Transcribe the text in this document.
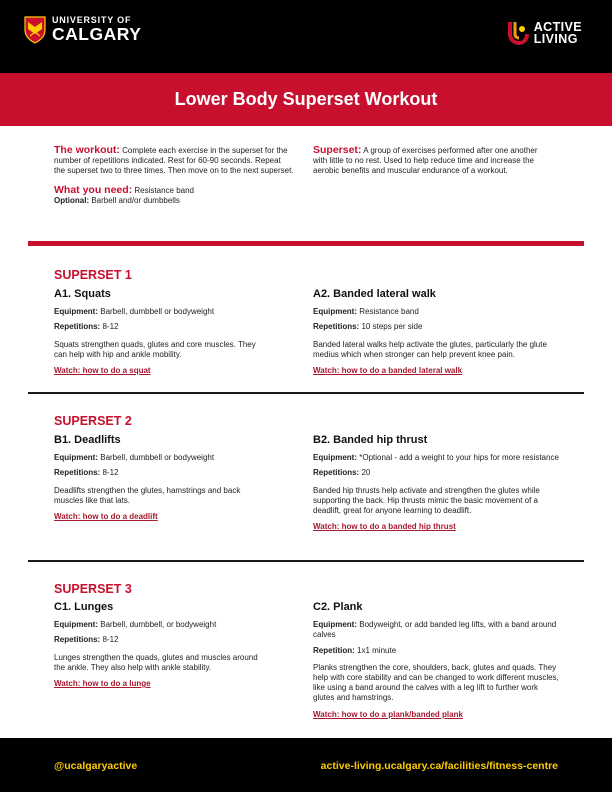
UNIVERSITY OF
CALGARY	ACTIVE
LIVING
Lower Body Superset Workout
The workout: Complete each exercise in the superset for the number of repetitions indicated. Rest for 60-90 seconds. Repeat the superset two to three times. Then move on to the next superset.
What you need: Resistance band
Optional: Barbell and/or dumbbells
Superset: A group of exercises performed after one another with little to no rest. Used to help reduce time and increase the aerobic benefits and muscular endurance of a workout.
SUPERSET 1
A1. Squats
Equipment: Barbell, dumbbell or bodyweight
Repetitions: 8-12
Squats strengthen quads, glutes and core muscles. They can help with hip and ankle mobility.
Watch: how to do a squat
A2. Banded lateral walk
Equipment: Resistance band
Repetitions: 10 steps per side
Banded lateral walks help activate the glutes, particularly the glute medius which when stronger can help prevent knee pain.
Watch: how to do a banded lateral walk
SUPERSET 2
B1. Deadlifts
Equipment: Barbell, dumbbell or bodyweight
Repetitions: 8-12
Deadlifts strengthen the glutes, hamstrings and back muscles like that lats.
Watch: how to do a deadlift
B2. Banded hip thrust
Equipment: *Optional - add a weight to your hips for more resistance
Repetitions: 20
Banded hip thrusts help activate and strengthen the glutes while supporting the back. Hip thrusts mimic the basic movement of a deadlift, great for anyone learning to deadlift.
Watch: how to do a banded hip thrust
SUPERSET 3
C1. Lunges
Equipment: Barbell, dumbbell, or bodyweight
Repetitions: 8-12
Lunges strengthen the quads, glutes and muscles around the ankle. They also help with ankle stability.
Watch: how to do a lunge
C2. Plank
Equipment: Bodyweight, or add banded leg lifts, with a band around calves
Repetition: 1x1 minute
Planks strengthen the core, shoulders, back, glutes and quads. They help with core stability and can be changed to work different muscles, like using a band around the calves with a leg lift to further work glutes and hamstrings.
Watch: how to do a plank/banded plank
@ucalgaryactive	active-living.ucalgary.ca/facilities/fitness-centre
